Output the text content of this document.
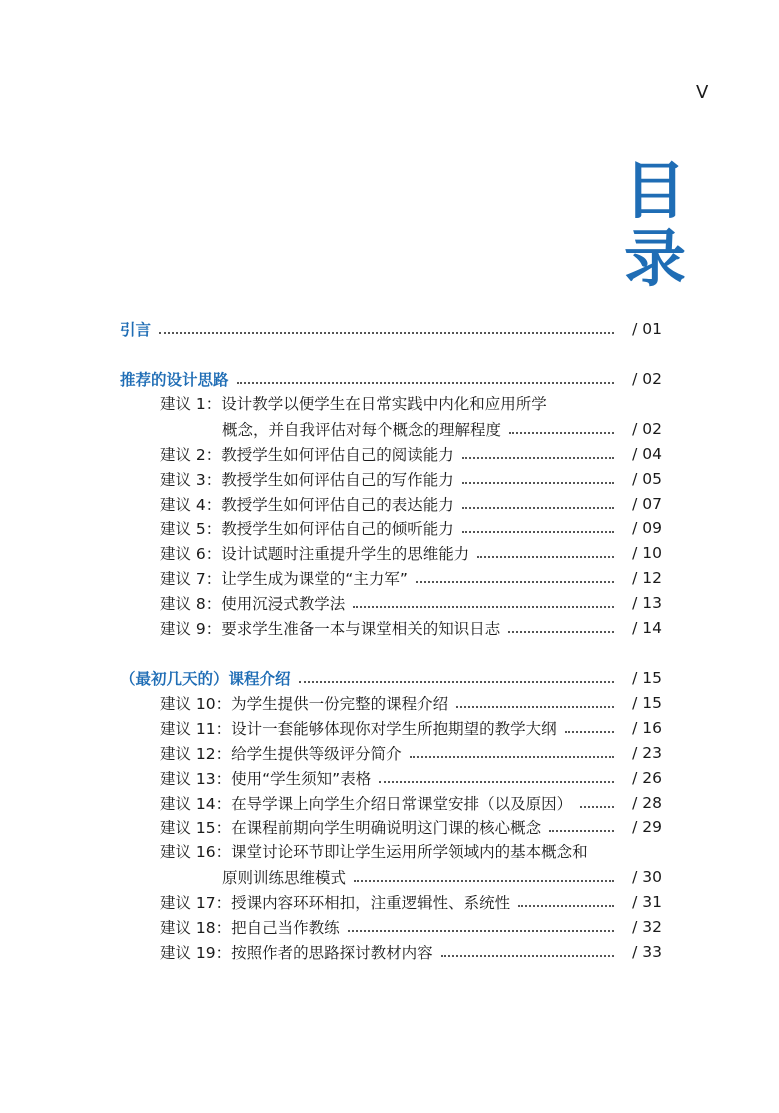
V
目
录
引言	/ 01
推荐的设计思路	/ 02
建议 1：设计教学以便学生在日常实践中内化和应用所学
概念，并自我评估对每个概念的理解程度	/ 02
建议 2：教授学生如何评估自己的阅读能力	/ 04
建议 3：教授学生如何评估自己的写作能力	/ 05
建议 4：教授学生如何评估自己的表达能力	/ 07
建议 5：教授学生如何评估自己的倾听能力	/ 09
建议 6：设计试题时注重提升学生的思维能力	/ 10
建议 7：让学生成为课堂的“主力军”	/ 12
建议 8：使用沉浸式教学法	/ 13
建议 9：要求学生准备一本与课堂相关的知识日志	/ 14
（最初几天的）课程介绍	/ 15
建议 10：为学生提供一份完整的课程介绍	/ 15
建议 11：设计一套能够体现你对学生所抱期望的教学大纲	/ 16
建议 12：给学生提供等级评分简介	/ 23
建议 13：使用“学生须知”表格	/ 26
建议 14：在导学课上向学生介绍日常课堂安排（以及原因）	/ 28
建议 15：在课程前期向学生明确说明这门课的核心概念	/ 29
建议 16：课堂讨论环节即让学生运用所学领域内的基本概念和
原则训练思维模式	/ 30
建议 17：授课内容环环相扣，注重逻辑性、系统性	/ 31
建议 18：把自己当作教练	/ 32
建议 19：按照作者的思路探讨教材内容	/ 33
